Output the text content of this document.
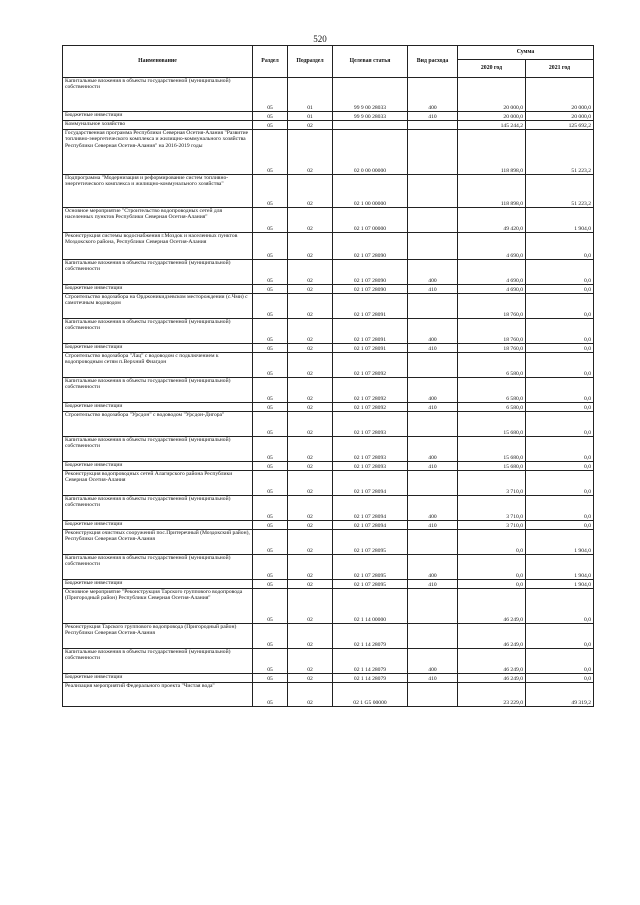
520
Наименование	Раздел	Подраздел	Целевая статья	Вид расхода	Сумма	
					2020 год	2021 год
Капитальные вложения в объекты государственной (муниципальной) собственности	05	01	99 9 00 28033	400	20 000,0	20 000,0
Бюджетные инвестиции	05	01	99 9 00 28033	410	20 000,0	20 000,0
Коммунальное хозяйство	05	02			145 244,2	125 692,2
Государственная программа Республики Северная Осетия-Алания "Развитие топливно-энергетического комплекса и жилищно-коммунального хозяйства Республики Северная Осетия-Алания" на 2016-2019 годы	05	02	02 0 00 00000		118 898,0	51 223,2
Подпрограмма "Модернизация и реформирование систем топливно-энергетического комплекса и жилищно-коммунального хозяйства"	05	02	02 1 00 00000		118 898,0	51 223,2
Основное мероприятие "Строительство водопроводных сетей для населенных пунктов Республики Северная Осетия-Алания"	05	02	02 1 07 00000		49 420,0	1 904,0
Реконструкция системы водоснабжения г.Моздок и населенных пунктов Моздокского района, Республики Северная Осетия-Алания	05	02	02 1 07 28090		4 690,0	0,0
Капитальные вложения в объекты государственной (муниципальной) собственности	05	02	02 1 07 28090	400	4 690,0	0,0
Бюджетные инвестиции	05	02	02 1 07 28090	410	4 690,0	0,0
Строительство водозабора на Орджоникидзевском месторождении (с.Чми) с самотечным водоводом	05	02	02 1 07 28091		18 760,0	0,0
Капитальные вложения в объекты государственной (муниципальной) собственности	05	02	02 1 07 28091	400	18 760,0	0,0
Бюджетные инвестиции	05	02	02 1 07 28091	410	18 760,0	0,0
Строительство водозабора "Лац" с водоводом с подключением к водопроводным сетям п.Верхний Фиагдон	05	02	02 1 07 28092		6 580,0	0,0
Капитальные вложения в объекты государственной (муниципальной) собственности	05	02	02 1 07 28092	400	6 580,0	0,0
Бюджетные инвестиции	05	02	02 1 07 28092	410	6 580,0	0,0
Строительство водозабора "Урсдон" с водоводом "Урсдон-Дигора"	05	02	02 1 07 28093		15 680,0	0,0
Капитальные вложения в объекты государственной (муниципальной) собственности	05	02	02 1 07 28093	400	15 680,0	0,0
Бюджетные инвестиции	05	02	02 1 07 28093	410	15 680,0	0,0
Реконструкция водопроводных сетей Алагирского района Республики Северная Осетия-Алания	05	02	02 1 07 28094		3 710,0	0,0
Капитальные вложения в объекты государственной (муниципальной) собственности	05	02	02 1 07 28094	400	3 710,0	0,0
Бюджетные инвестиции	05	02	02 1 07 28094	410	3 710,0	0,0
Реконструкция очистных сооружений пос.Притеречный (Моздокский район), Республики Северная Осетия-Алания	05	02	02 1 07 28095		0,0	1 904,0
Капитальные вложения в объекты государственной (муниципальной) собственности	05	02	02 1 07 28095	400	0,0	1 904,0
Бюджетные инвестиции	05	02	02 1 07 28095	410	0,0	1 904,0
Основное мероприятие "Реконструкция Тарского группового водопровода (Пригородный район) Республики Северная Осетия-Алания"	05	02	02 1 14 00000		46 249,0	0,0
Реконструкция Тарского группового водопровода (Пригородный район) Республики Северная Осетия-Алания	05	02	02 1 14 28079		46 249,0	0,0
Капитальные вложения в объекты государственной (муниципальной) собственности	05	02	02 1 14 28079	400	46 249,0	0,0
Бюджетные инвестиции	05	02	02 1 14 28079	410	46 249,0	0,0
Реализация мероприятий Федерального проекта "Чистая вода"	05	02	02 1 G5 00000		23 229,0	49 319,2
